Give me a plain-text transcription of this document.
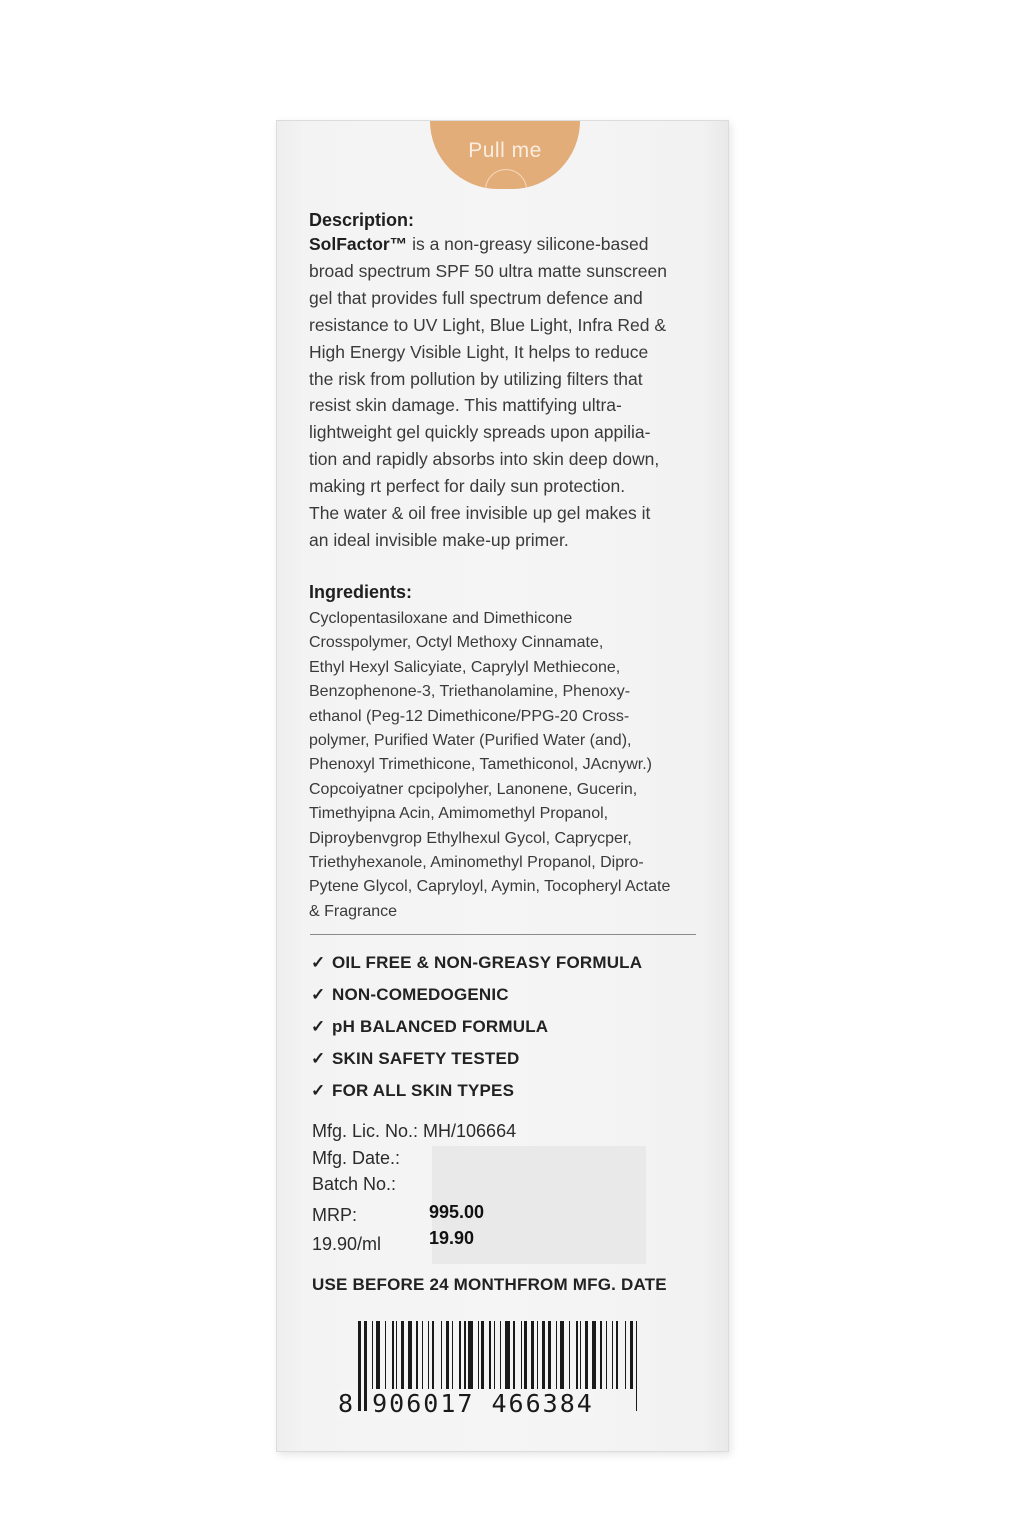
Pull me
Description:

SolFactor™ is a non-greasy silicone-based
broad spectrum SPF 50 ultra matte sunscreen
gel that provides full spectrum defence and
resistance to UV Light, Blue Light, Infra Red &
High Energy Visible Light, It helps to reduce
the risk from pollution by utilizing filters that
resist skin damage. This mattifying ultra-
lightweight gel quickly spreads upon appilia-
tion and rapidly absorbs into skin deep down,
making rt perfect for daily sun protection.
The water & oil free invisible up gel makes it
an ideal invisible make-up primer.

Ingredients:

Cyclopentasiloxane and Dimethicone
Crosspolymer, Octyl Methoxy Cinnamate,
Ethyl Hexyl Salicyiate, Caprylyl Methiecone,
Benzophenone-3, Triethanolamine, Phenoxy-
ethanol (Peg-12 Dimethicone/PPG-20 Cross-
polymer, Purified Water (Purified Water (and),
Phenoxyl Trimethicone, Tamethiconol, JAcnywr.)
Copcoiyatner cpcipolyher, Lanonene, Gucerin,
Timethyipna Acin, Amimomethyl Propanol,
Diproybenvgrop Ethylhexul Gycol, Caprycper,
Triethyhexanole, Aminomethyl Propanol, Dipro-
Pytene Glycol, Capryloyl, Aymin, Tocopheryl Actate
& Fragrance

✓ OIL FREE & NON-GREASY FORMULA
✓ NON-COMEDOGENIC
✓ pH BALANCED FORMULA
✓ SKIN SAFETY TESTED
✓ FOR ALL SKIN TYPES
Mfg. Lic. No.: MH/106664
Mfg. Date.:
Batch No.:
MRP:	995.00
19.90/ml	19.90
USE BEFORE 24 MONTHFROM MFG. DATE
8 906017 466384
